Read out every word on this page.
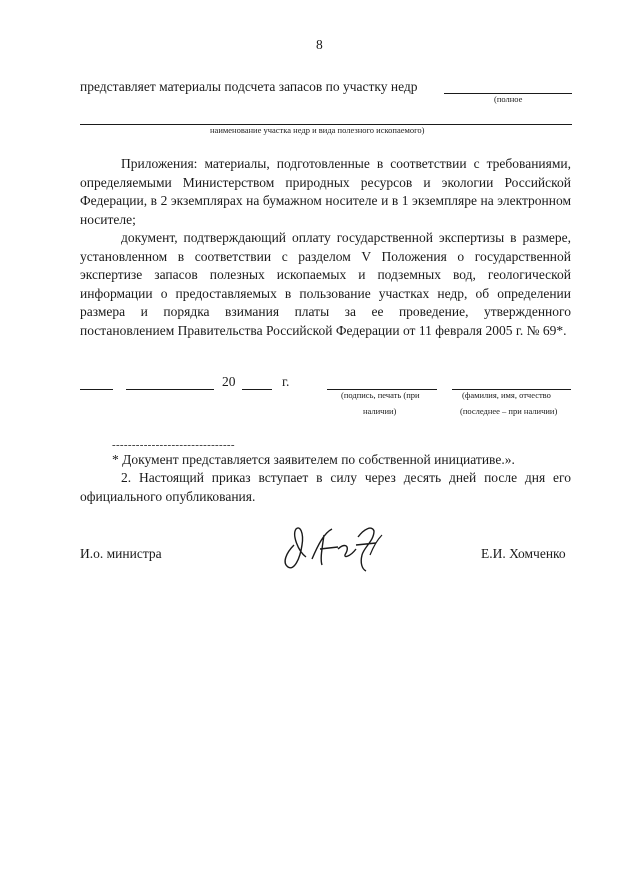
8
представляет материалы подсчета запасов по участку недр
(полное
наименование участка недр и вида полезного ископаемого)
Приложения: материалы, подготовленные в соответствии с требованиями, определяемыми Министерством природных ресурсов и экологии Российской Федерации, в 2 экземплярах на бумажном носителе и в 1 экземпляре на электронном носителе;
документ, подтверждающий оплату государственной экспертизы в размере, установленном в соответствии с разделом V Положения о государственной экспертизе запасов полезных ископаемых и подземных вод, геологической информации о предоставляемых в пользование участках недр, об определении размера и порядка взимания платы за ее проведение, утвержденного постановлением Правительства Российской Федерации от 11 февраля 2005 г. № 69*.
20	г.
(подпись, печать (при
наличии)
(фамилия, имя, отчество
(последнее – при наличии)
-------------------------------
* Документ представляется заявителем по собственной инициативе.».
2. Настоящий приказ вступает в силу через десять дней после дня его официального опубликования.
И.о. министра	Е.И. Хомченко
